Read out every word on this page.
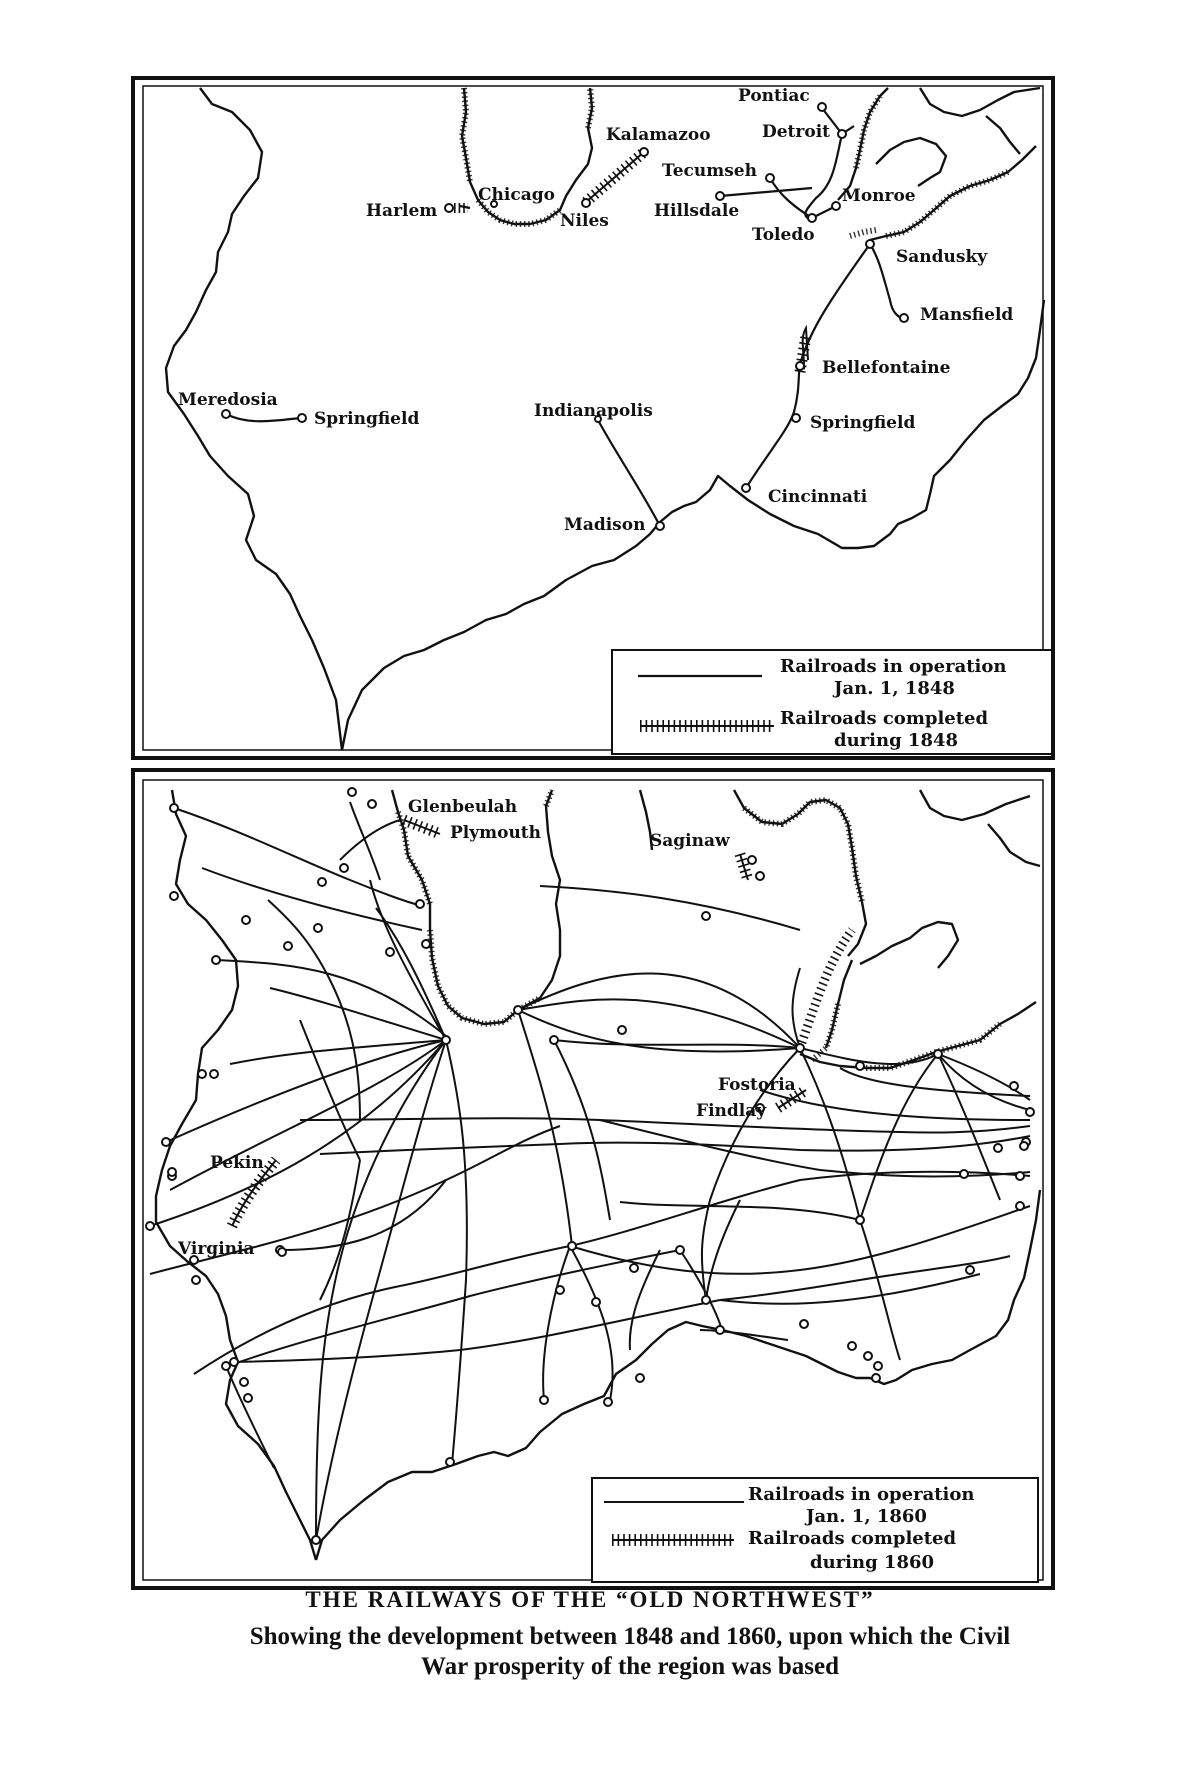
Pontiac
Detroit
Kalamazoo
Tecumseh
Monroe
Harlem
Chicago
Niles	Hillsdale
Toledo
Sandusky
Mansfield
Bellefontaine
Meredosia
Springfield	Indianapolis
Springfield
Madison
Cincinnati
Railroads in operation
Jan. 1, 1848
Railroads completed
during 1848
Glenbeulah
Plymouth	Saginaw
Fostoria
Findlay
Pekin
Virginia
Railroads in operation
Jan. 1, 1860
Railroads completed
during 1860
THE RAILWAYS OF THE “OLD NORTHWEST”
Showing the development between 1848 and 1860, upon which the Civil
War prosperity of the region was based
